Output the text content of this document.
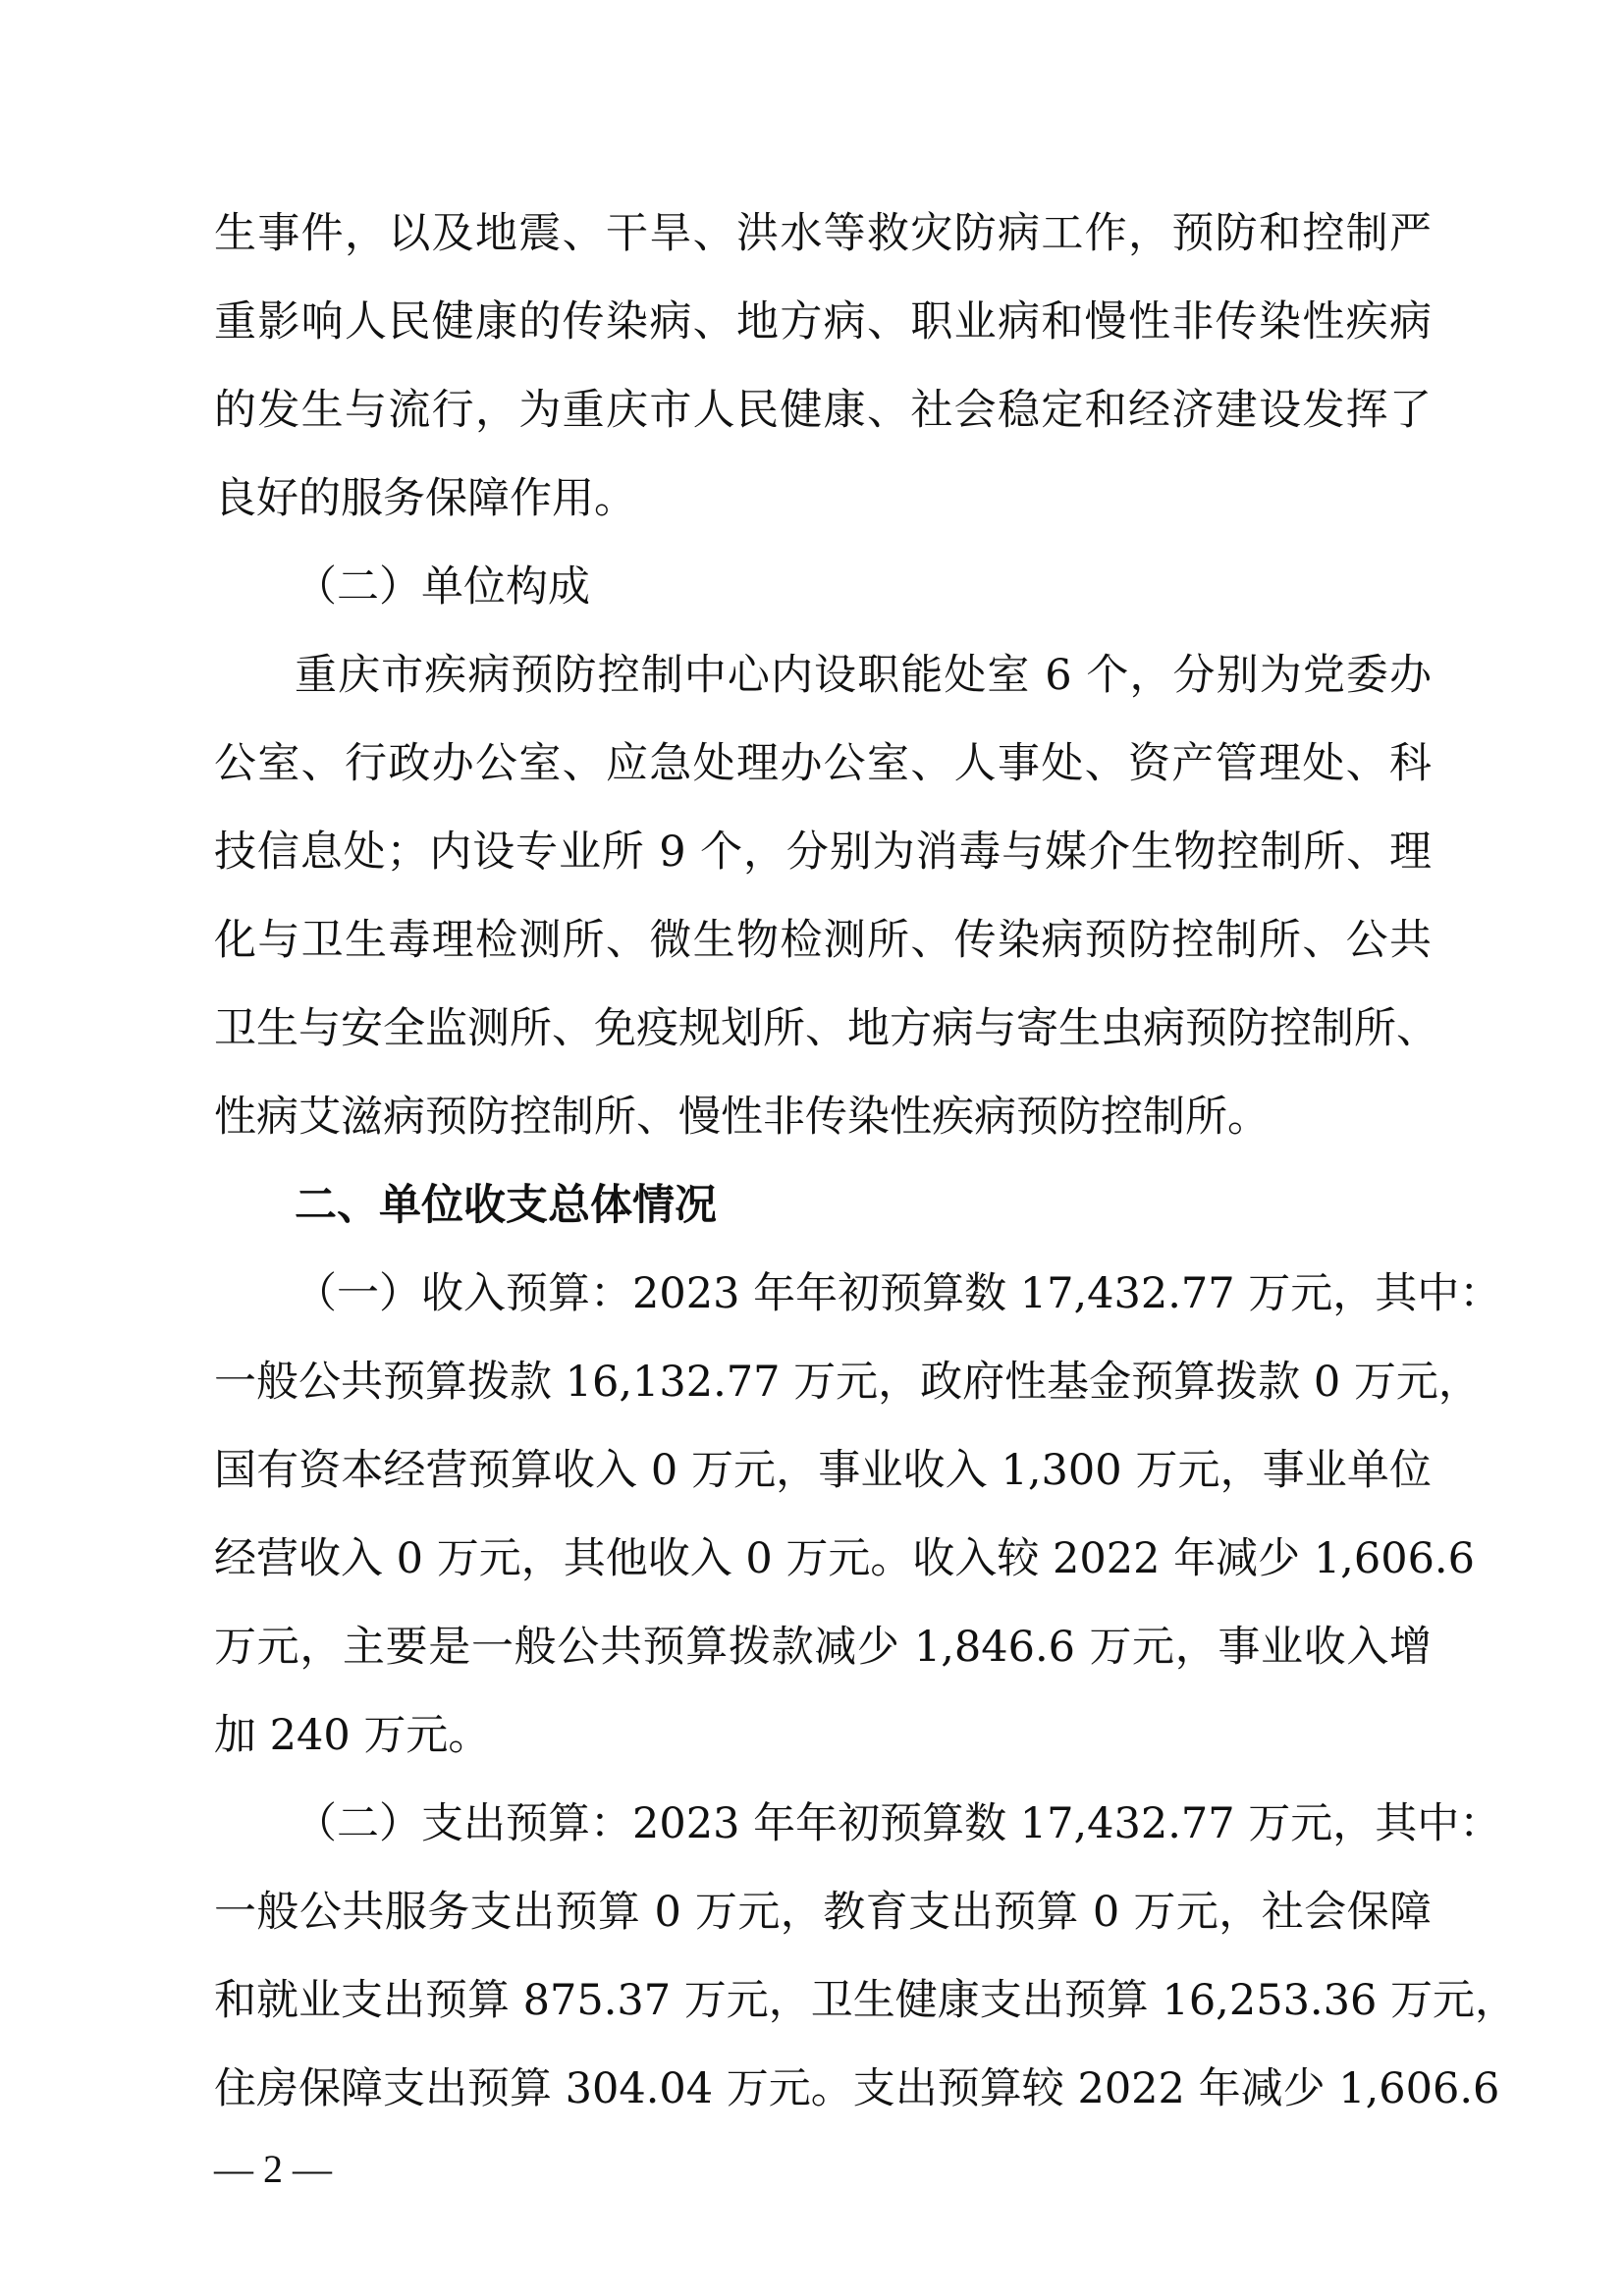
生事件，以及地震、干旱、洪水等救灾防病工作，预防和控制严
重影响人民健康的传染病、地方病、职业病和慢性非传染性疾病
的发生与流行，为重庆市人民健康、社会稳定和经济建设发挥了
良好的服务保障作用。
（二）单位构成
重庆市疾病预防控制中心内设职能处室 6 个，分别为党委办
公室、行政办公室、应急处理办公室、人事处、资产管理处、科
技信息处；内设专业所 9 个，分别为消毒与媒介生物控制所、理
化与卫生毒理检测所、微生物检测所、传染病预防控制所、公共
卫生与安全监测所、免疫规划所、地方病与寄生虫病预防控制所、
性病艾滋病预防控制所、慢性非传染性疾病预防控制所。
二、单位收支总体情况
（一）收入预算：2023 年年初预算数 17,432.77 万元，其中：
一般公共预算拨款 16,132.77 万元，政府性基金预算拨款 0 万元，
国有资本经营预算收入 0 万元，事业收入 1,300 万元，事业单位
经营收入 0 万元，其他收入 0 万元。收入较 2022 年减少 1,606.6
万元，主要是一般公共预算拨款减少 1,846.6 万元，事业收入增
加 240 万元。
（二）支出预算：2023 年年初预算数 17,432.77 万元，其中：
一般公共服务支出预算 0 万元，教育支出预算 0 万元，社会保障
和就业支出预算 875.37 万元，卫生健康支出预算 16,253.36 万元，
住房保障支出预算 304.04 万元。支出预算较 2022 年减少 1,606.6
— 2 —
